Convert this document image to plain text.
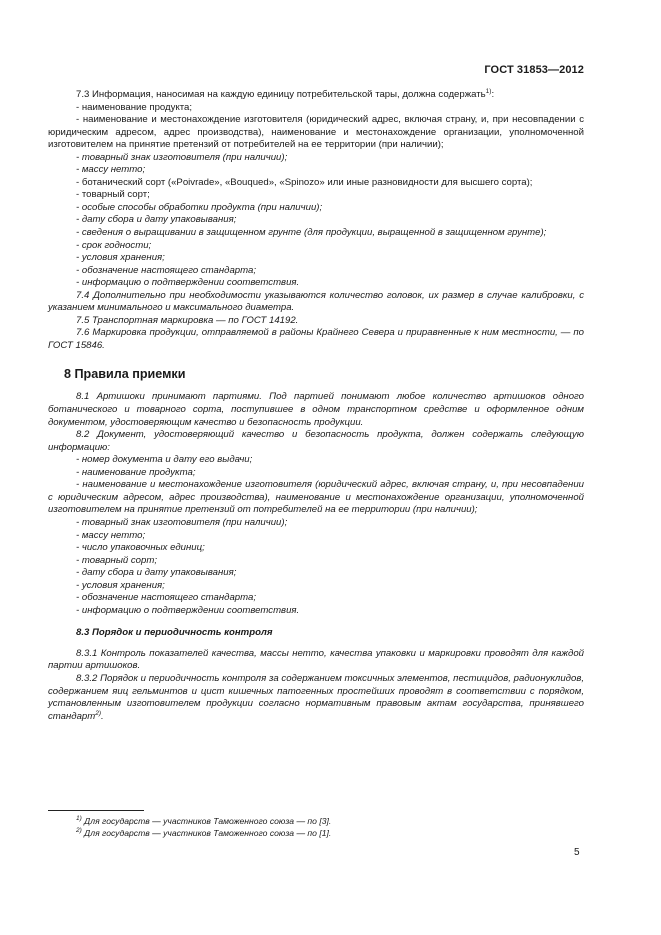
ГОСТ 31853—2012

7.3 Информация, наносимая на каждую единицу потребительской тары, должна содержать$^{1)}$:

- наименование продукта;

- наименование и местонахождение изготовителя (юридический адрес, включая страну, и, при несовпадении с юридическим адресом, адрес производства), наименование и местонахождение организации, уполномоченной изготовителем на принятие претензий от потребителей на ее территории (при наличии);

- товарный знак изготовителя (при наличии);

- массу нетто;

- ботанический сорт («Poivrade», «Bouqued», «Spinozo» или иные разновидности для высшего сорта);

- товарный сорт;

- особые способы обработки продукта (при наличии);

- дату сбора и дату упаковывания;

- сведения о выращивании в защищенном грунте (для продукции, выращенной в защищенном грунте);

- срок годности;

- условия хранения;

- обозначение настоящего стандарта;

- информацию о подтверждении соответствия.

7.4 Дополнительно при необходимости указываются количество головок, их размер в случае калибровки, с указанием минимального и максимального диаметра.

7.5 Транспортная маркировка — по ГОСТ 14192.

7.6 Маркировка продукции, отправляемой в районы Крайнего Севера и приравненные к ним местности, — по ГОСТ 15846.

8 Правила приемки

8.1 Артишоки принимают партиями. Под партией понимают любое количество артишоков одного ботанического и товарного сорта, поступившее в одном транспортном средстве и оформленное одним документом, удостоверяющим качество и безопасность продукции.

8.2 Документ, удостоверяющий качество и безопасность продукта, должен содержать следующую информацию:

- номер документа и дату его выдачи;

- наименование продукта;

- наименование и местонахождение изготовителя (юридический адрес, включая страну, и, при несовпадении с юридическим адресом, адрес производства), наименование и местонахождение организации, уполномоченной изготовителем на принятие претензий от потребителей на ее территории (при наличии);

- товарный знак изготовителя (при наличии);

- массу нетто;

- число упаковочных единиц;

- товарный сорт;

- дату сбора и дату упаковывания;

- условия хранения;

- обозначение настоящего стандарта;

- информацию о подтверждении соответствия.

8.3 Порядок и периодичность контроля

8.3.1 Контроль показателей качества, массы нетто, качества упаковки и маркировки проводят для каждой партии артишоков.

8.3.2 Порядок и периодичность контроля за содержанием токсичных элементов, пестицидов, радионуклидов, содержанием яиц гельминтов и цист кишечных патогенных простейших проводят в соответствии с порядком, установленным изготовителем продукции согласно нормативным правовым актам государства, принявшего стандарт$^{2)}$.

$^{1)}$ Для государств — участников Таможенного союза — по [3].
$^{2)}$ Для государств — участников Таможенного союза — по [1].
5
